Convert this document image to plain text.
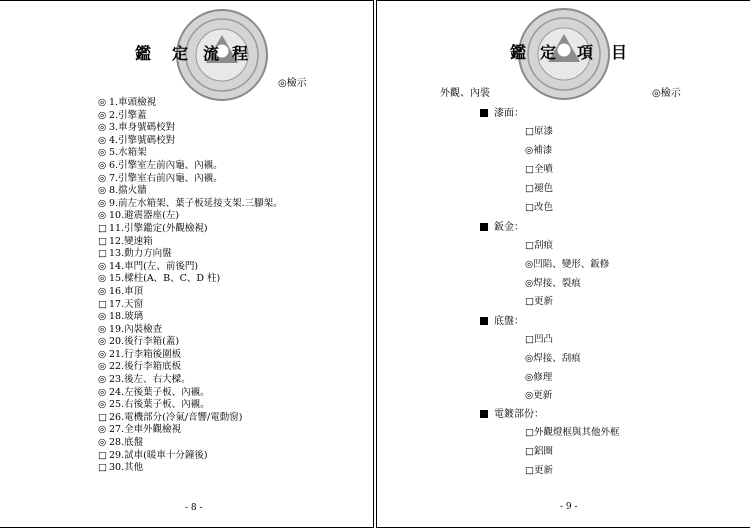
鑑 定 流 程
◎檢示
◎ 1.車頭檢視
◎ 2.引擎蓋
◎ 3.車身號碼校對
◎ 4.引擎號碼校對
◎ 5.水箱架
◎ 6.引擎室左前內龜、內襯。
◎ 7.引擎室右前內龜、內襯。
◎ 8.擋火牆
◎ 9.前左水箱架、葉子板延接支架.三腳架。
◎ 10.避震器座(左)
□ 11.引擎鑑定(外觀檢視)
□ 12.變速箱
□ 13.動力方向盤
◎ 14.車門(左、前後門)
◎ 15.樑柱(A、B、C、D 柱)
◎ 16.車頂
□ 17.天窗
◎ 18.玻璃
◎ 19.內裝檢查
◎ 20.後行李箱(蓋)
◎ 21.行李箱後圍板
◎ 22.後行李箱底板
◎ 23.後左、右大樑。
◎ 24.左後葉子板、內襯。
◎ 25.右後葉子板、內襯。
□ 26.電機部分(冷氣/音響/電動窗)
◎ 27.全車外觀檢視
◎ 28.底盤
□ 29.試車(暖車十分鐘後)
□ 30.其他
- 8 -
鑑 定 項 目
外觀、內裝	◎檢示
漆面：
□原漆
◎補漆
□全噴
□褪色
□改色
鈑金：
□刮痕
◎凹陷、變形、鈑修
◎焊接、裂痕
□更新
底盤：
□凹凸
◎焊接、刮痕
◎修理
◎更新
電鍍部份：
□外觀燈框與其他外框
□鋁圈
□更新
- 9 -
